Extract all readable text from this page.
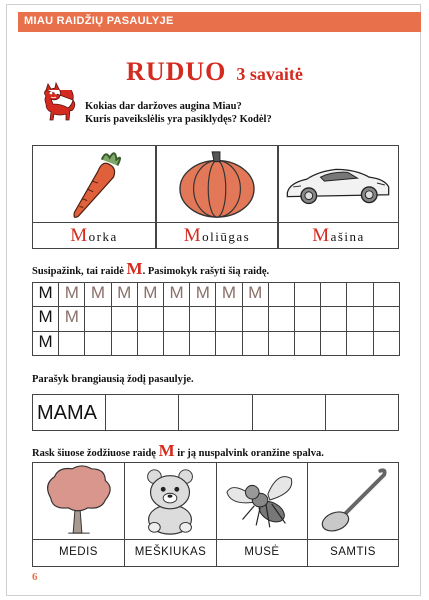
MIAU RAIDŽIŲ PASAULYJE
RUDUO 3 savaitė
Kokias dar daržoves augina Miau?
Kuris paveikslėlis yra pasiklydęs? Kodėl?
Morka	Moliūgas	Mašina
Susipažink, tai raidė M. Pasimokyk rašyti šią raidę.
M M M M M M M M M
M M
M
Parašyk brangiausią žodį pasaulyje.
MAMA
Rask šiuose žodžiuose raidę M ir ją nuspalvink oranžine spalva.
MEDIS	MEŠKIUKAS	MUSĖ	SAMTIS
6
